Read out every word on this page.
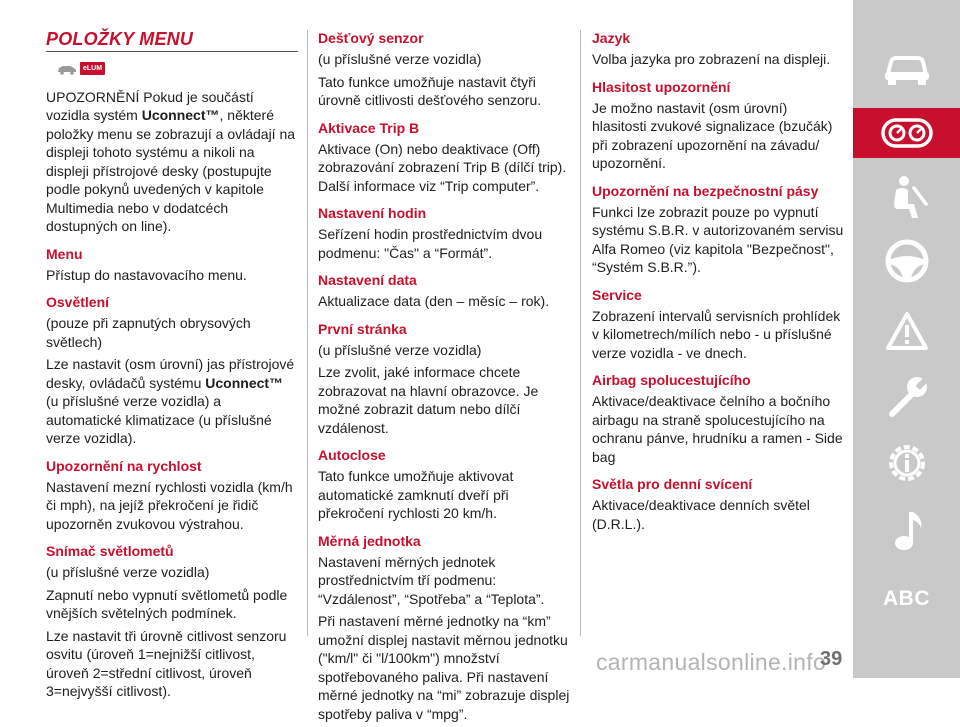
POLOŽKY MENU
eLUM

UPOZORNĚNÍ Pokud je součástí vozidla systém Uconnect™, některé položky menu se zobrazují a ovládají na displeji tohoto systému a nikoli na displeji přístrojové desky (postupujte podle pokynů uvedených v kapitole Multimedia nebo v dodatcéch dostupných on line).

Menu

Přístup do nastavovacího menu.

Osvětlení

(pouze při zapnutých obrysových světlech)

Lze nastavit (osm úrovní) jas přístrojové desky, ovládačů systému Uconnect™ (u příslušné verze vozidla) a automatické klimatizace (u příslušné verze vozidla).

Upozornění na rychlost

Nastavení mezní rychlosti vozidla (km/h či mph), na jejíž překročení je řidič upozorněn zvukovou výstrahou.

Snímač světlometů

(u příslušné verze vozidla)

Zapnutí nebo vypnutí světlometů podle vnějších světelných podmínek.

Lze nastavit tři úrovně citlivost senzoru osvitu (úroveň 1=nejnižší citlivost, úroveň 2=střední citlivost, úroveň 3=nejvyšší citlivost).

Dešťový senzor

(u příslušné verze vozidla)

Tato funkce umožňuje nastavit čtyři úrovně citlivosti dešťového senzoru.

Aktivace Trip B

Aktivace (On) nebo deaktivace (Off) zobrazování zobrazení Trip B (dílčí trip). Další informace viz “Trip computer”.

Nastavení hodin

Seřízení hodin prostřednictvím dvou podmenu: "Čas" a “Formát”.

Nastavení data

Aktualizace data (den – měsíc – rok).

První stránka

(u příslušné verze vozidla)

Lze zvolit, jaké informace chcete zobrazovat na hlavní obrazovce. Je možné zobrazit datum nebo dílčí vzdálenost.

Autoclose

Tato funkce umožňuje aktivovat automatické zamknutí dveří při překročení rychlosti 20 km/h.

Měrná jednotka

Nastavení měrných jednotek prostřednictvím tří podmenu: “Vzdálenost”, “Spotřeba” a “Teplota”.

Při nastavení měrné jednotky na “km” umožní displej nastavit měrnou jednotku ("km/l" či "l/100km") množství spotřebovaného paliva. Při nastavení měrné jednotky na “mi” zobrazuje displej spotřeby paliva v “mpg”.

Jazyk

Volba jazyka pro zobrazení na displeji.

Hlasitost upozornění

Je možno nastavit (osm úrovní) hlasitosti zvukové signalizace (bzučák) při zobrazení upozornění na závadu/ upozornění.

Upozornění na bezpečnostní pásy

Funkci lze zobrazit pouze po vypnutí systému S.B.R. v autorizovaném servisu Alfa Romeo (viz kapitola "Bezpečnost", “Systém S.B.R.”).

Service

Zobrazení intervalů servisních prohlídek v kilometrech/mílích nebo - u příslušné verze vozidla - ve dnech.

Airbag spolucestujícího

Aktivace/deaktivace čelního a bočního airbagu na straně spolucestujícího na ochranu pánve, hrudníku a ramen - Side bag

Světla pro denní svícení

Aktivace/deaktivace denních světel (D.R.L.).

ABC
carmanualsonline.info
39
